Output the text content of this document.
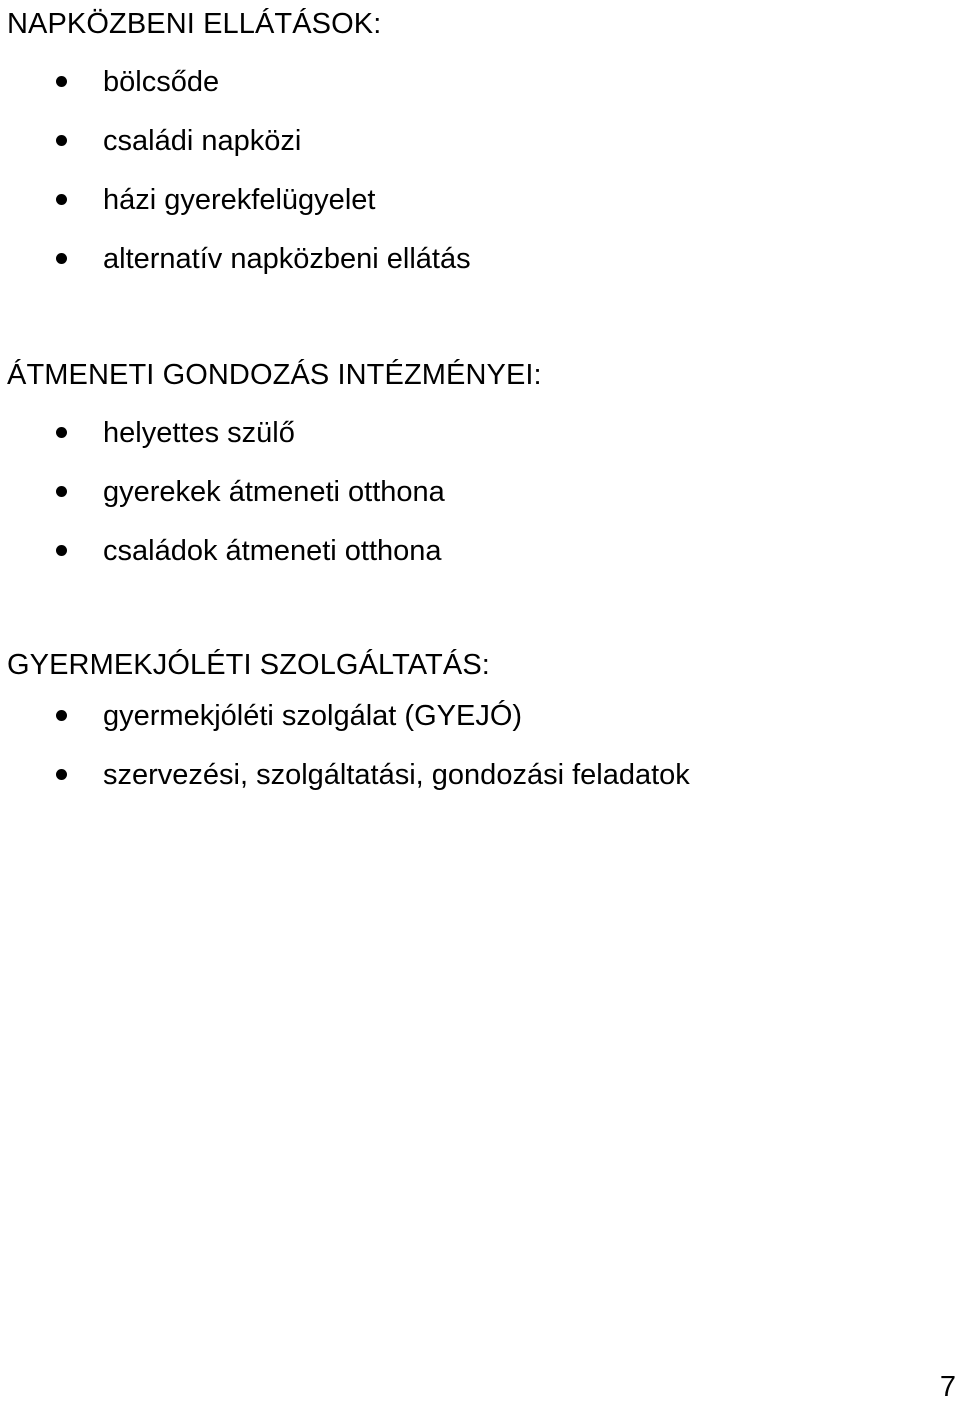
NAPKÖZBENI ELLÁTÁSOK:
bölcsőde
családi napközi
házi gyerekfelügyelet
alternatív napközbeni ellátás
ÁTMENETI GONDOZÁS INTÉZMÉNYEI:
helyettes szülő
gyerekek átmeneti otthona
családok átmeneti otthona
GYERMEKJÓLÉTI SZOLGÁLTATÁS:
gyermekjóléti szolgálat (GYEJÓ)
szervezési, szolgáltatási, gondozási feladatok
7
